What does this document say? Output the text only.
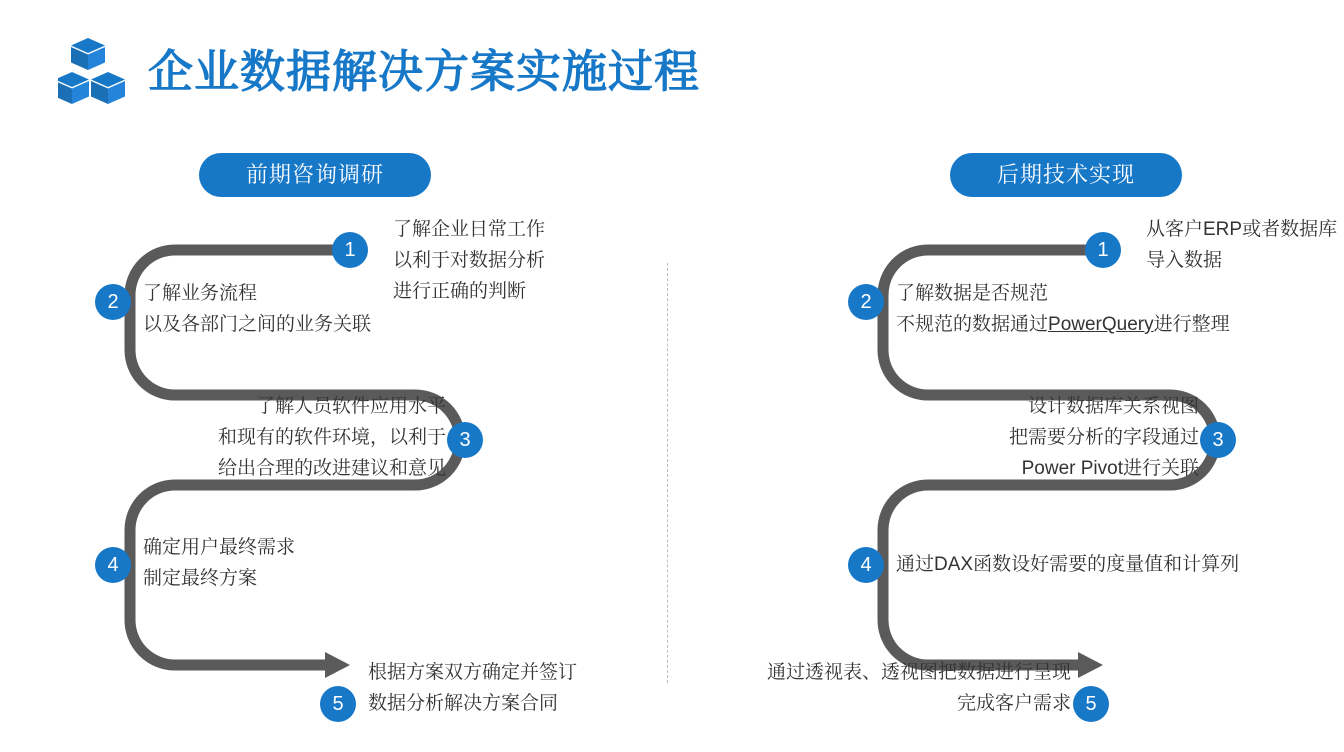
企业数据解决方案实施过程
前期咨询调研	后期技术实现
1
2
3
4
5
了解企业日常工作
以利于对数据分析
进行正确的判断
了解业务流程
以及各部门之间的业务关联
了解人员软件应用水平
和现有的软件环境，以利于
给出合理的改进建议和意见
确定用户最终需求
制定最终方案
根据方案双方确定并签订
数据分析解决方案合同
1
2
3
4
5
从客户ERP或者数据库
导入数据
了解数据是否规范
不规范的数据通过PowerQuery进行整理
设计数据库关系视图
把需要分析的字段通过
Power Pivot进行关联
通过DAX函数设好需要的度量值和计算列
通过透视表、透视图把数据进行呈现
完成客户需求
